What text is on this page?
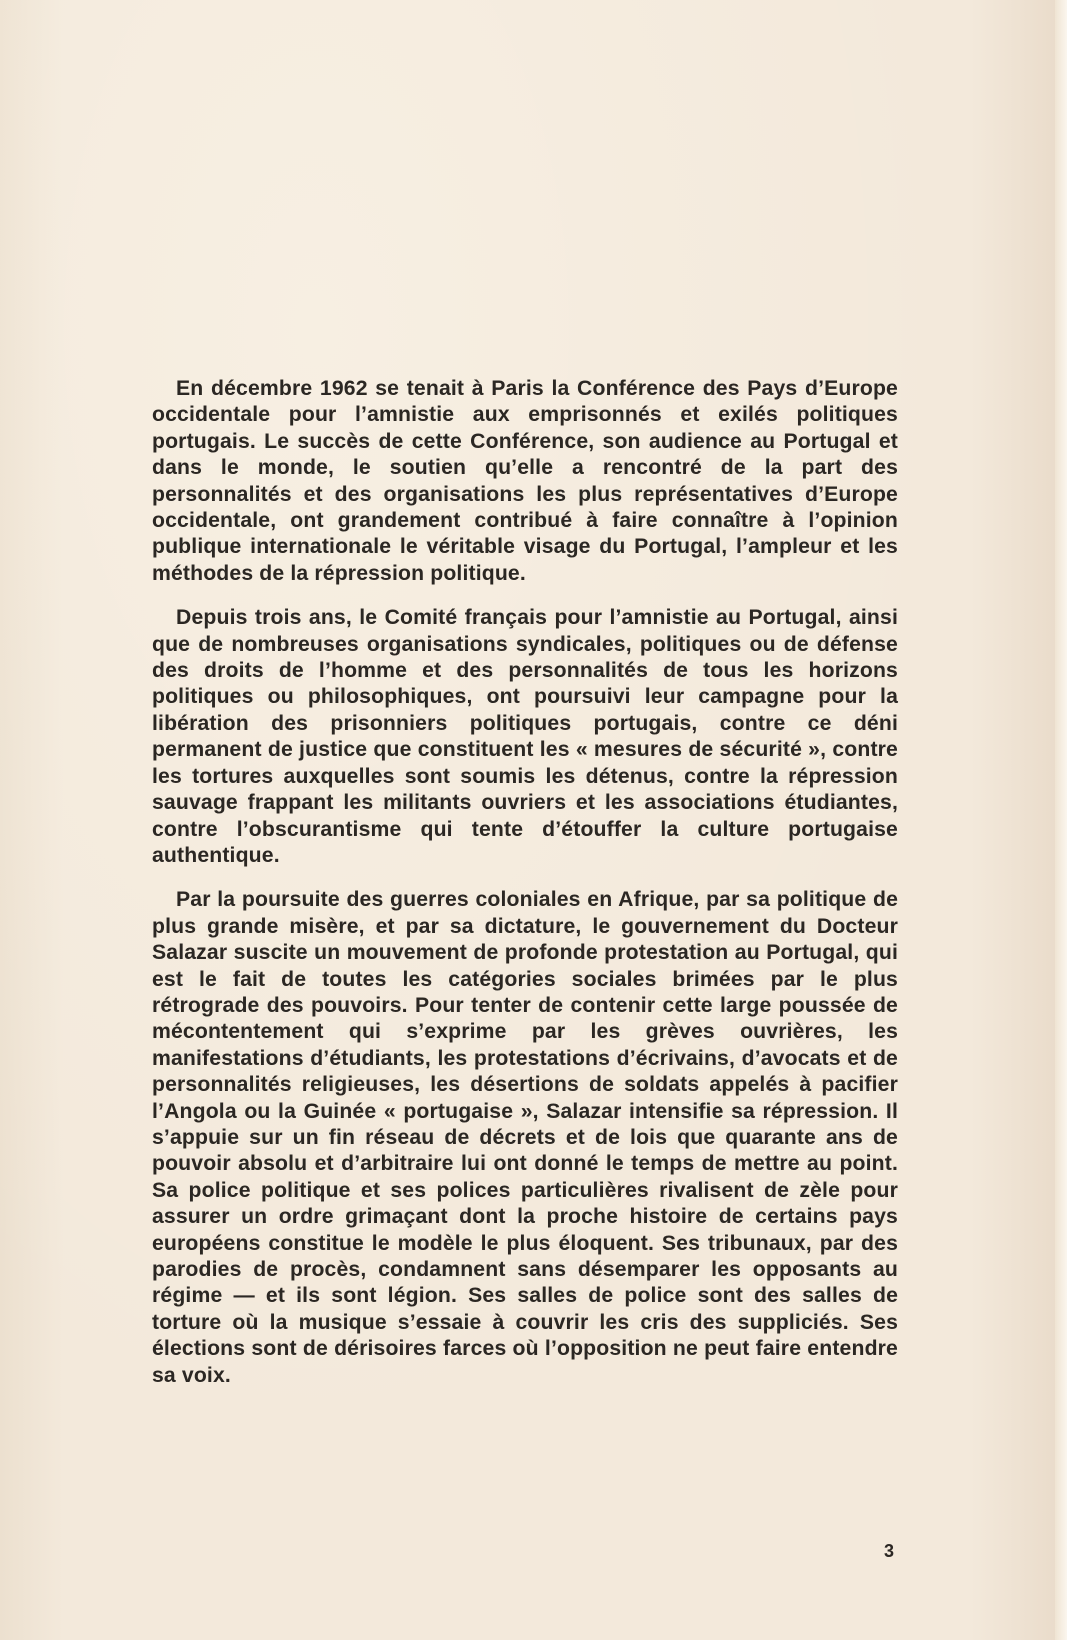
En décembre 1962 se tenait à Paris la Conférence des Pays d’Europe occidentale pour l’amnistie aux emprisonnés et exilés politiques portugais. Le succès de cette Conférence, son audience au Portugal et dans le monde, le soutien qu’elle a rencontré de la part des personnalités et des organisations les plus représentatives d’Europe occidentale, ont grandement contribué à faire connaître à l’opinion publique internationale le véritable visage du Portugal, l’ampleur et les méthodes de la répression politique.

Depuis trois ans, le Comité français pour l’amnistie au Portugal, ainsi que de nombreuses organisations syndicales, politiques ou de défense des droits de l’homme et des personnalités de tous les horizons politiques ou philosophiques, ont poursuivi leur campagne pour la libération des prisonniers politiques portugais, contre ce déni permanent de justice que constituent les « mesures de sécurité », contre les tortures auxquelles sont soumis les détenus, contre la répression sauvage frappant les militants ouvriers et les associations étudiantes, contre l’obscurantisme qui tente d’étouffer la culture portugaise authentique.

Par la poursuite des guerres coloniales en Afrique, par sa politique de plus grande misère, et par sa dictature, le gouvernement du Docteur Salazar suscite un mouvement de profonde protestation au Portugal, qui est le fait de toutes les catégories sociales brimées par le plus rétrograde des pouvoirs. Pour tenter de contenir cette large poussée de mécontentement qui s’exprime par les grèves ouvrières, les manifestations d’étudiants, les protestations d’écrivains, d’avocats et de personnalités religieuses, les désertions de soldats appelés à pacifier l’Angola ou la Guinée « portugaise », Salazar intensifie sa répression. Il s’appuie sur un fin réseau de décrets et de lois que quarante ans de pouvoir absolu et d’arbitraire lui ont donné le temps de mettre au point. Sa police politique et ses polices particulières rivalisent de zèle pour assurer un ordre grimaçant dont la proche histoire de certains pays européens constitue le modèle le plus éloquent. Ses tribunaux, par des parodies de procès, condamnent sans désemparer les opposants au régime — et ils sont légion. Ses salles de police sont des salles de torture où la musique s’essaie à couvrir les cris des suppliciés. Ses élections sont de dérisoires farces où l’opposition ne peut faire entendre sa voix.

3
